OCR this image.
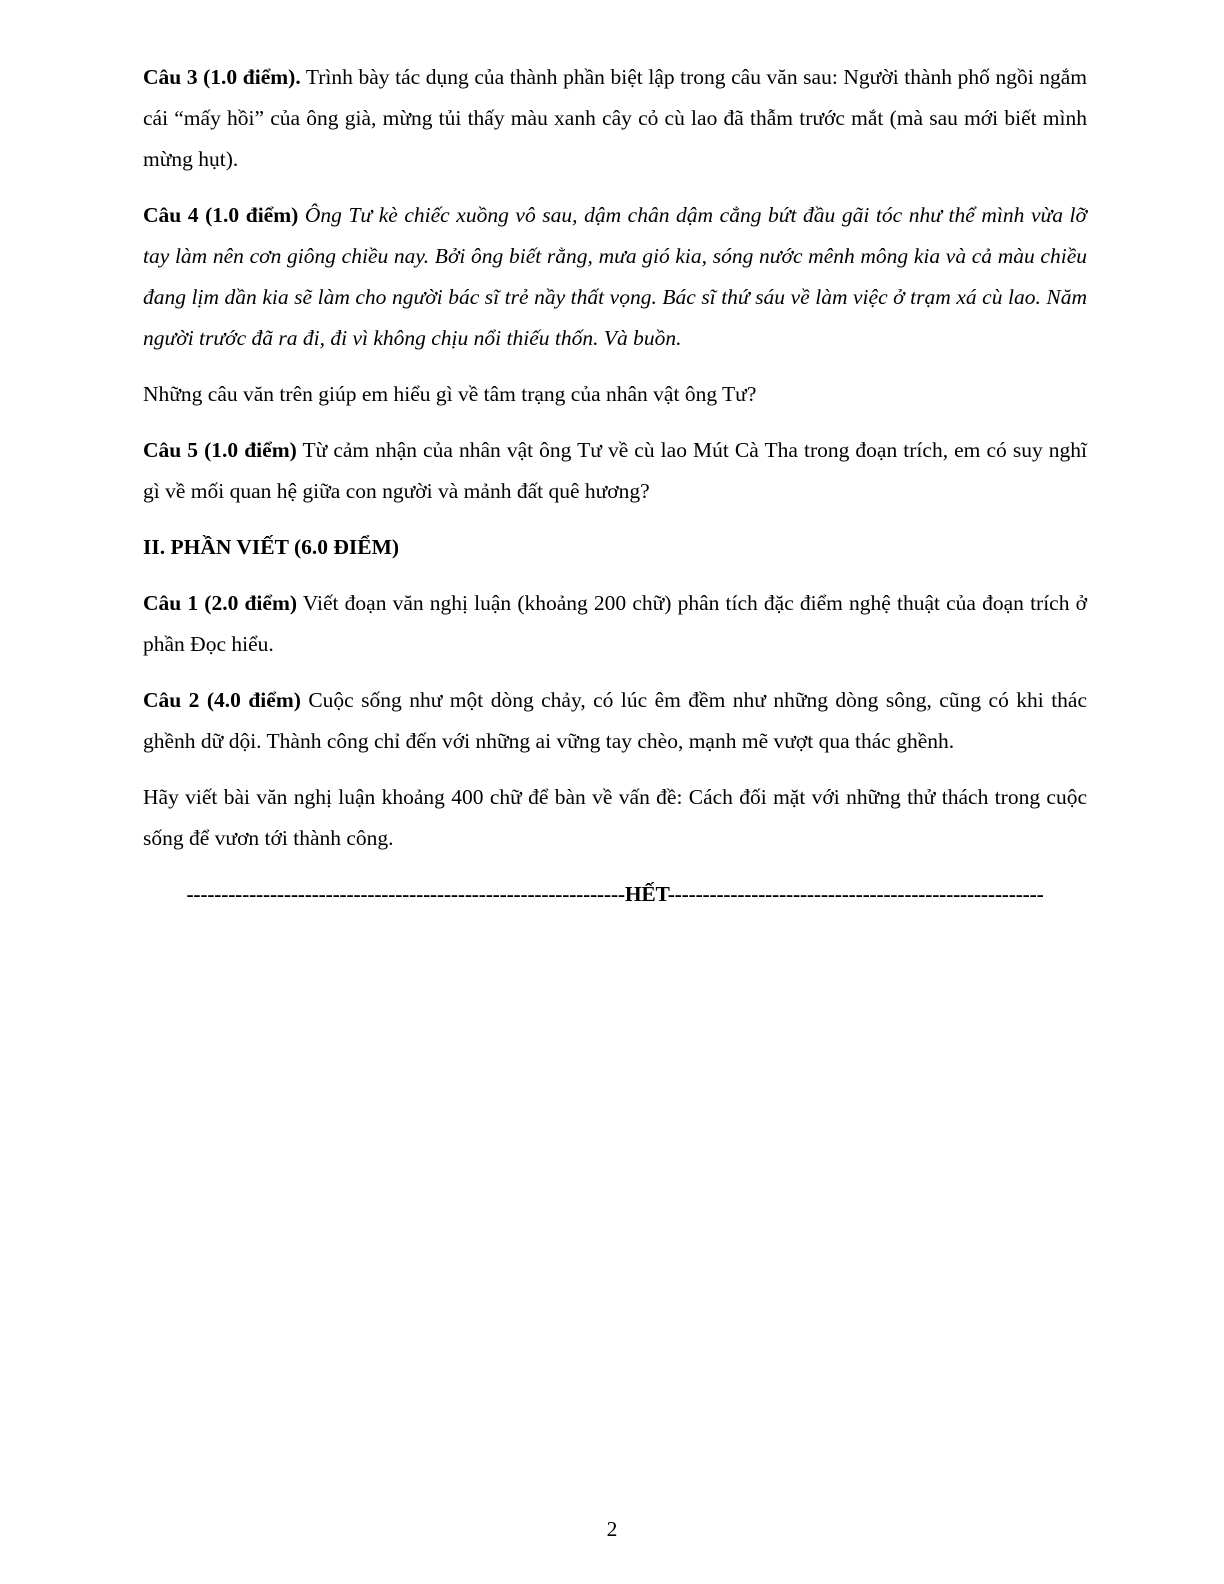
Câu 3 (1.0 điểm). Trình bày tác dụng của thành phần biệt lập trong câu văn sau: Người thành phố ngồi ngắm cái “mấy hồi” của ông già, mừng tủi thấy màu xanh cây cỏ cù lao đã thẫm trước mắt (mà sau mới biết mình mừng hụt).

Câu 4 (1.0 điểm) Ông Tư kè chiếc xuồng vô sau, dậm chân dậm cẳng bứt đầu gãi tóc như thể mình vừa lỡ tay làm nên cơn giông chiều nay. Bởi ông biết rằng, mưa gió kia, sóng nước mênh mông kia và cả màu chiều đang lịm dần kia sẽ làm cho người bác sĩ trẻ nầy thất vọng. Bác sĩ thứ sáu về làm việc ở trạm xá cù lao. Năm người trước đã ra đi, đi vì không chịu nổi thiếu thốn. Và buồn.

Những câu văn trên giúp em hiểu gì về tâm trạng của nhân vật ông Tư?

Câu 5 (1.0 điểm) Từ cảm nhận của nhân vật ông Tư về cù lao Mút Cà Tha trong đoạn trích, em có suy nghĩ gì về mối quan hệ giữa con người và mảnh đất quê hương?

II. PHẦN VIẾT (6.0 ĐIỂM)

Câu 1 (2.0 điểm) Viết đoạn văn nghị luận (khoảng 200 chữ) phân tích đặc điểm nghệ thuật của đoạn trích ở phần Đọc hiểu.

Câu 2 (4.0 điểm) Cuộc sống như một dòng chảy, có lúc êm đềm như những dòng sông, cũng có khi thác ghềnh dữ dội. Thành công chỉ đến với những ai vững tay chèo, mạnh mẽ vượt qua thác ghềnh.

Hãy viết bài văn nghị luận khoảng 400 chữ để bàn về vấn đề: Cách đối mặt với những thử thách trong cuộc sống để vươn tới thành công.

---------------------------------------------------------------HẾT------------------------------------------------------
2
